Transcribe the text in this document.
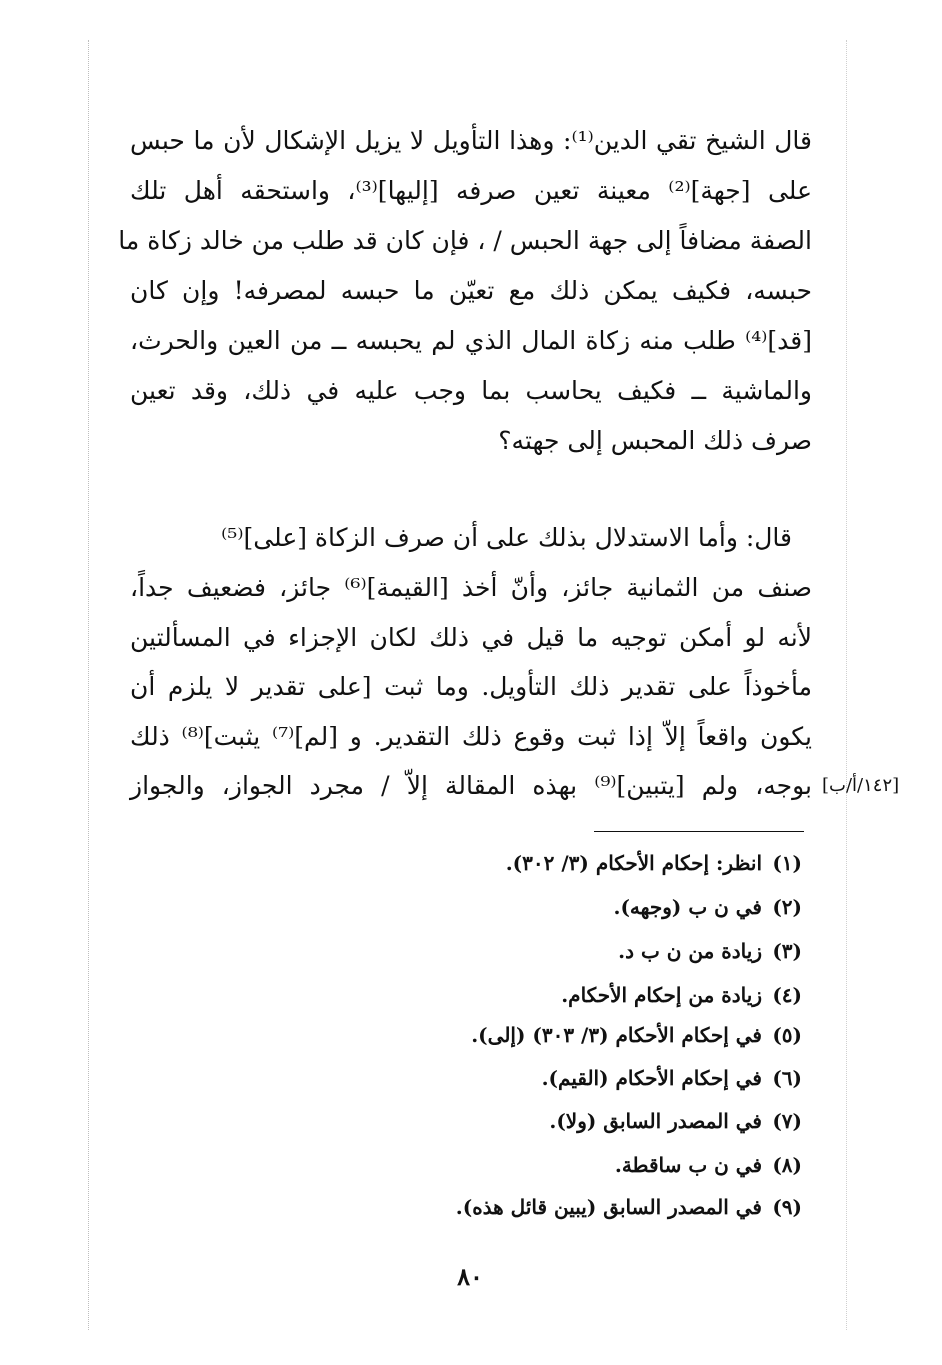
قال الشيخ تقي الدين⁽¹⁾: وهذا التأويل لا يزيل الإشكال لأن ما حبس
على [جهة]⁽²⁾ معينة تعين صرفه [إليها]⁽³⁾، واستحقه أهل تلك
الصفة مضافاً إلى جهة الحبس / ، فإن كان قد طلب من خالد زكاة ما
حبسه، فكيف يمكن ذلك مع تعيّن ما حبسه لمصرفه! وإن كان
[قد]⁽⁴⁾ طلب منه زكاة المال الذي لم يحبسه ــ من العين والحرث،
والماشية ــ فكيف يحاسب بما وجب عليه في ذلك، وقد تعين
صرف ذلك المحبس إلى جهته؟
قال: وأما الاستدلال بذلك على أن صرف الزكاة [على]⁽⁵⁾
صنف من الثمانية جائز، وأنّ أخذ [القيمة]⁽⁶⁾ جائز، فضعيف جداً،
لأنه لو أمكن توجيه ما قيل في ذلك لكان الإجزاء في المسألتين
مأخوذاً على تقدير ذلك التأويل. وما ثبت [على تقدير لا يلزم أن
يكون واقعاً إلاّ إذا ثبت وقوع ذلك التقدير. و [لم]⁽⁷⁾ يثبت]⁽⁸⁾ ذلك
بوجه، ولم [يتبين]⁽⁹⁾ بهذه المقالة إلاّ / مجرد الجواز، والجواز [١٤٢/أ/ب]
(١)انظر: إحكام الأحكام (٣/ ٣٠٢).
(٢)في ن ب (وجهه).
(٣)زيادة من ن ب د.
(٤)زيادة من إحكام الأحكام.
(٥)في إحكام الأحكام (٣/ ٣٠٣) (إلى).
(٦)في إحكام الأحكام (القيم).
(٧)في المصدر السابق (ولا).
(٨)في ن ب ساقطة.
(٩)في المصدر السابق (يبين قائل هذه).
٨٠
